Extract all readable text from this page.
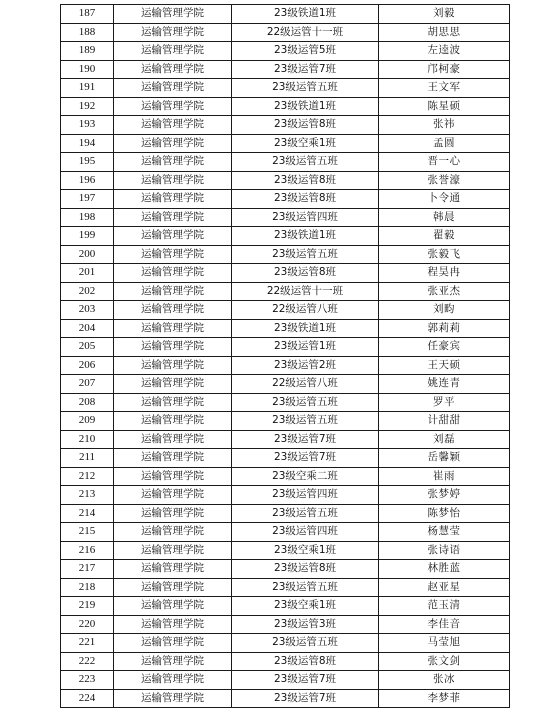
187	运输管理学院	23级铁道1班	刘毅
188	运输管理学院	22级运管十一班	胡思思
189	运输管理学院	23级运管5班	左逵波
190	运输管理学院	23级运管7班	邝柯豪
191	运输管理学院	23级运管五班	王文军
192	运输管理学院	23级铁道1班	陈星硕
193	运输管理学院	23级运管8班	张祎
194	运输管理学院	23级空乘1班	孟圆
195	运输管理学院	23级运管五班	晋一心
196	运输管理学院	23级运管8班	张誉濠
197	运输管理学院	23级运管8班	卜令通
198	运输管理学院	23级运管四班	韩晨
199	运输管理学院	23级铁道1班	翟毅
200	运输管理学院	23级运管五班	张毅飞
201	运输管理学院	23级运管8班	程昊冉
202	运输管理学院	22级运管十一班	张亚杰
203	运输管理学院	22级运管八班	刘畇
204	运输管理学院	23级铁道1班	郭莉莉
205	运输管理学院	23级运管1班	任豪宾
206	运输管理学院	23级运管2班	王天硕
207	运输管理学院	22级运管八班	姚连青
208	运输管理学院	23级运管五班	罗平
209	运输管理学院	23级运管五班	计甜甜
210	运输管理学院	23级运管7班	刘磊
211	运输管理学院	23级运管7班	岳馨颖
212	运输管理学院	23级空乘二班	崔雨
213	运输管理学院	23级运管四班	张梦婷
214	运输管理学院	23级运管五班	陈梦怡
215	运输管理学院	23级运管四班	杨慧莹
216	运输管理学院	23级空乘1班	张诗语
217	运输管理学院	23级运管8班	林胜蓝
218	运输管理学院	23级运管五班	赵亚星
219	运输管理学院	23级空乘1班	范玉清
220	运输管理学院	23级运管3班	李佳音
221	运输管理学院	23级运管五班	马莹旭
222	运输管理学院	23级运管8班	张文剑
223	运输管理学院	23级运管7班	张冰
224	运输管理学院	23级运管7班	李梦菲
